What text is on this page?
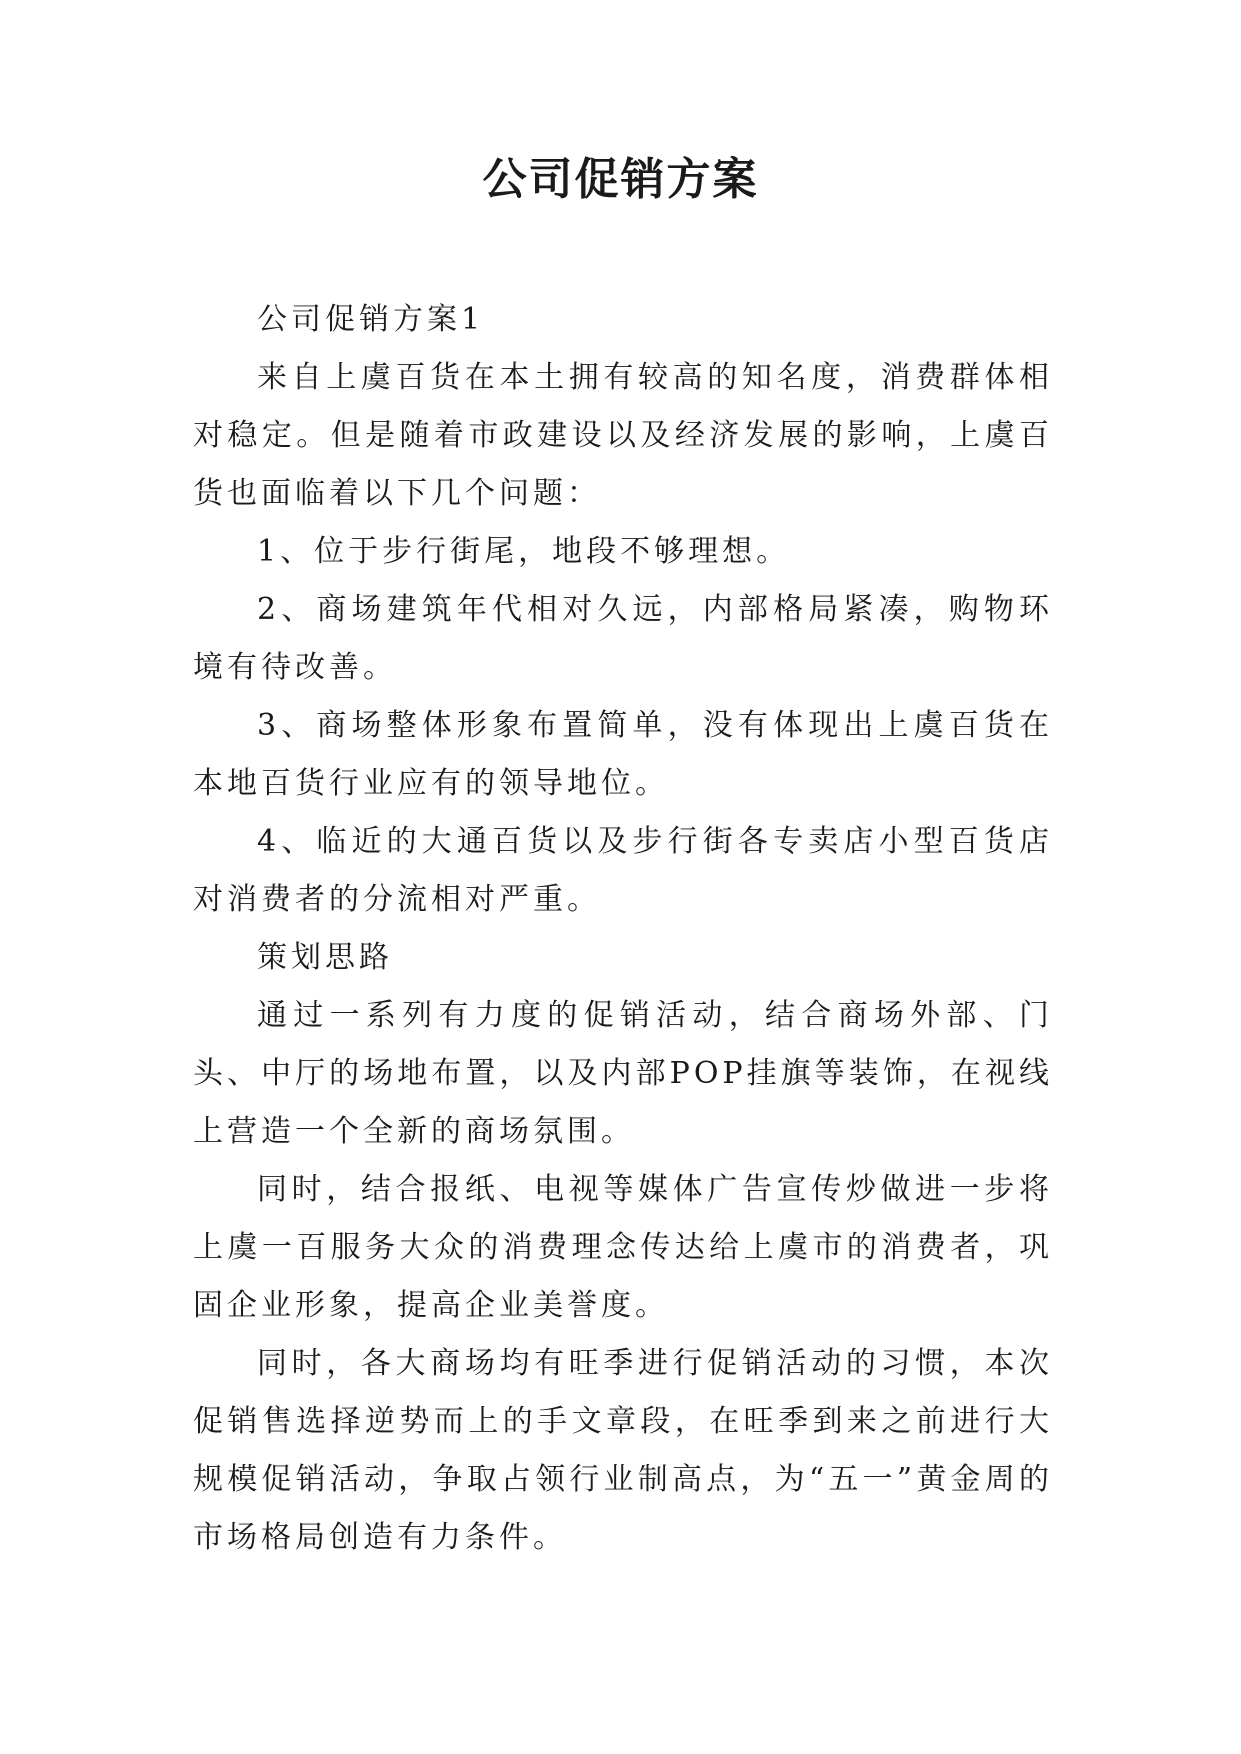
公司促销方案

公司促销方案1

来自上虞百货在本土拥有较高的知名度，消费群体相对稳定。但是随着市政建设以及经济发展的影响，上虞百货也面临着以下几个问题：

1、位于步行街尾，地段不够理想。

2、商场建筑年代相对久远，内部格局紧凑，购物环境有待改善。

3、商场整体形象布置简单，没有体现出上虞百货在本地百货行业应有的领导地位。

4、临近的大通百货以及步行街各专卖店小型百货店对消费者的分流相对严重。

策划思路

通过一系列有力度的促销活动，结合商场外部、门头、中厅的场地布置，以及内部POP挂旗等装饰，在视线上营造一个全新的商场氛围。

同时，结合报纸、电视等媒体广告宣传炒做进一步将上虞一百服务大众的消费理念传达给上虞市的消费者，巩固企业形象，提高企业美誉度。

同时，各大商场均有旺季进行促销活动的习惯，本次促销售选择逆势而上的手文章段，在旺季到来之前进行大规模促销活动，争取占领行业制高点，为“五一”黄金周的市场格局创造有力条件。
